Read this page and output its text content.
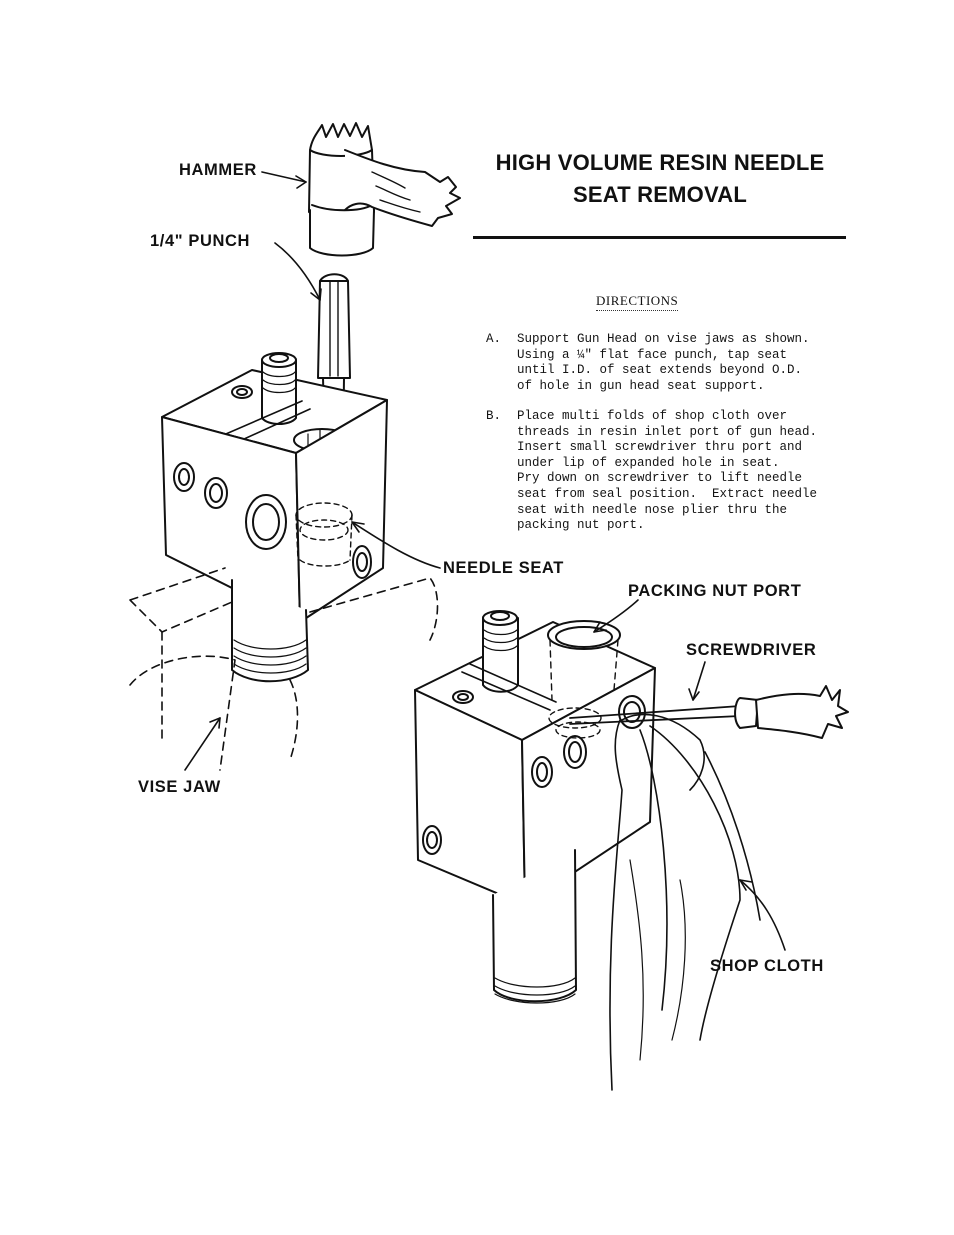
HIGH VOLUME RESIN NEEDLE
SEAT REMOVAL
DIRECTIONS

A.

Support Gun Head on vise jaws as shown.
Using a ¼" flat face punch, tap seat
until I.D. of seat extends beyond O.D.
of hole in gun head seat support.

B.

Place multi folds of shop cloth over
threads in resin inlet port of gun head.
Insert small screwdriver thru port and
under lip of expanded hole in seat.
Pry down on screwdriver to lift needle
seat from seal position.  Extract needle
seat with needle nose plier thru the
packing nut port.

HAMMER
1/4" PUNCH
NEEDLE SEAT
PACKING NUT PORT
SCREWDRIVER
VISE JAW
SHOP CLOTH
